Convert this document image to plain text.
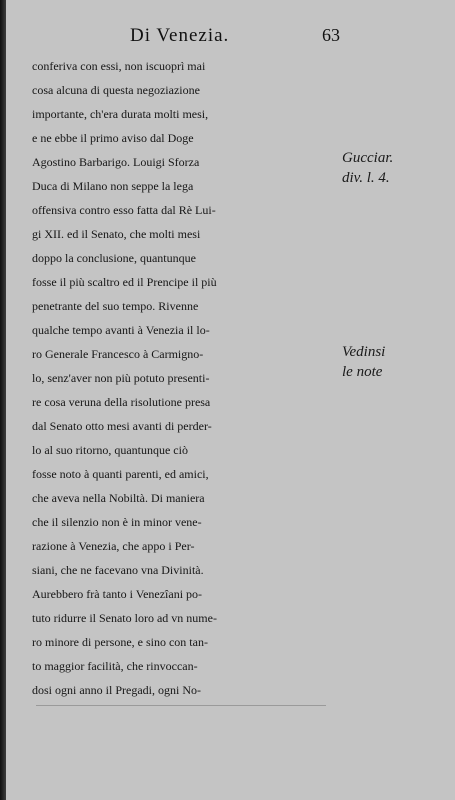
Di Venezia.	63
conferiva con essi, non iscuoprì mai
cosa alcuna di questa negoziazione
importante, ch'era durata molti mesi,
e ne ebbe il primo aviso dal Doge
Agostino Barbarigo. Louigi Sforza
Duca di Milano non seppe la lega
offensiva contro esso fatta dal Rè Lui-
gi XII. ed il Senato, che molti mesi
doppo la conclusione, quantunque
fosse il più scaltro ed il Prencipe il più
penetrante del suo tempo. Rivenne
qualche tempo avanti à Venezia il lo-
ro Generale Francesco à Carmigno-
lo, senz'aver non più potuto presenti-
re cosa veruna della risolutione presa
dal Senato otto mesi avanti di perder-
lo al suo ritorno, quantunque ciò
fosse noto à quanti parenti, ed amici,
che aveva nella Nobiltà. Di maniera
che il silenzio non è in minor vene-
razione à Venezia, che appo i Per-
siani, che ne facevano vna Divinità.
Aurebbero frà tanto i Venezîani po-
tuto ridurre il Senato loro ad vn nume-
ro minore di persone, e sino con tan-
to maggior facilità, che rinvoccan-
dosi ogni anno il Pregadi, ogni No-
Gucciar.
div. l. 4.
Vedinsi
le note
